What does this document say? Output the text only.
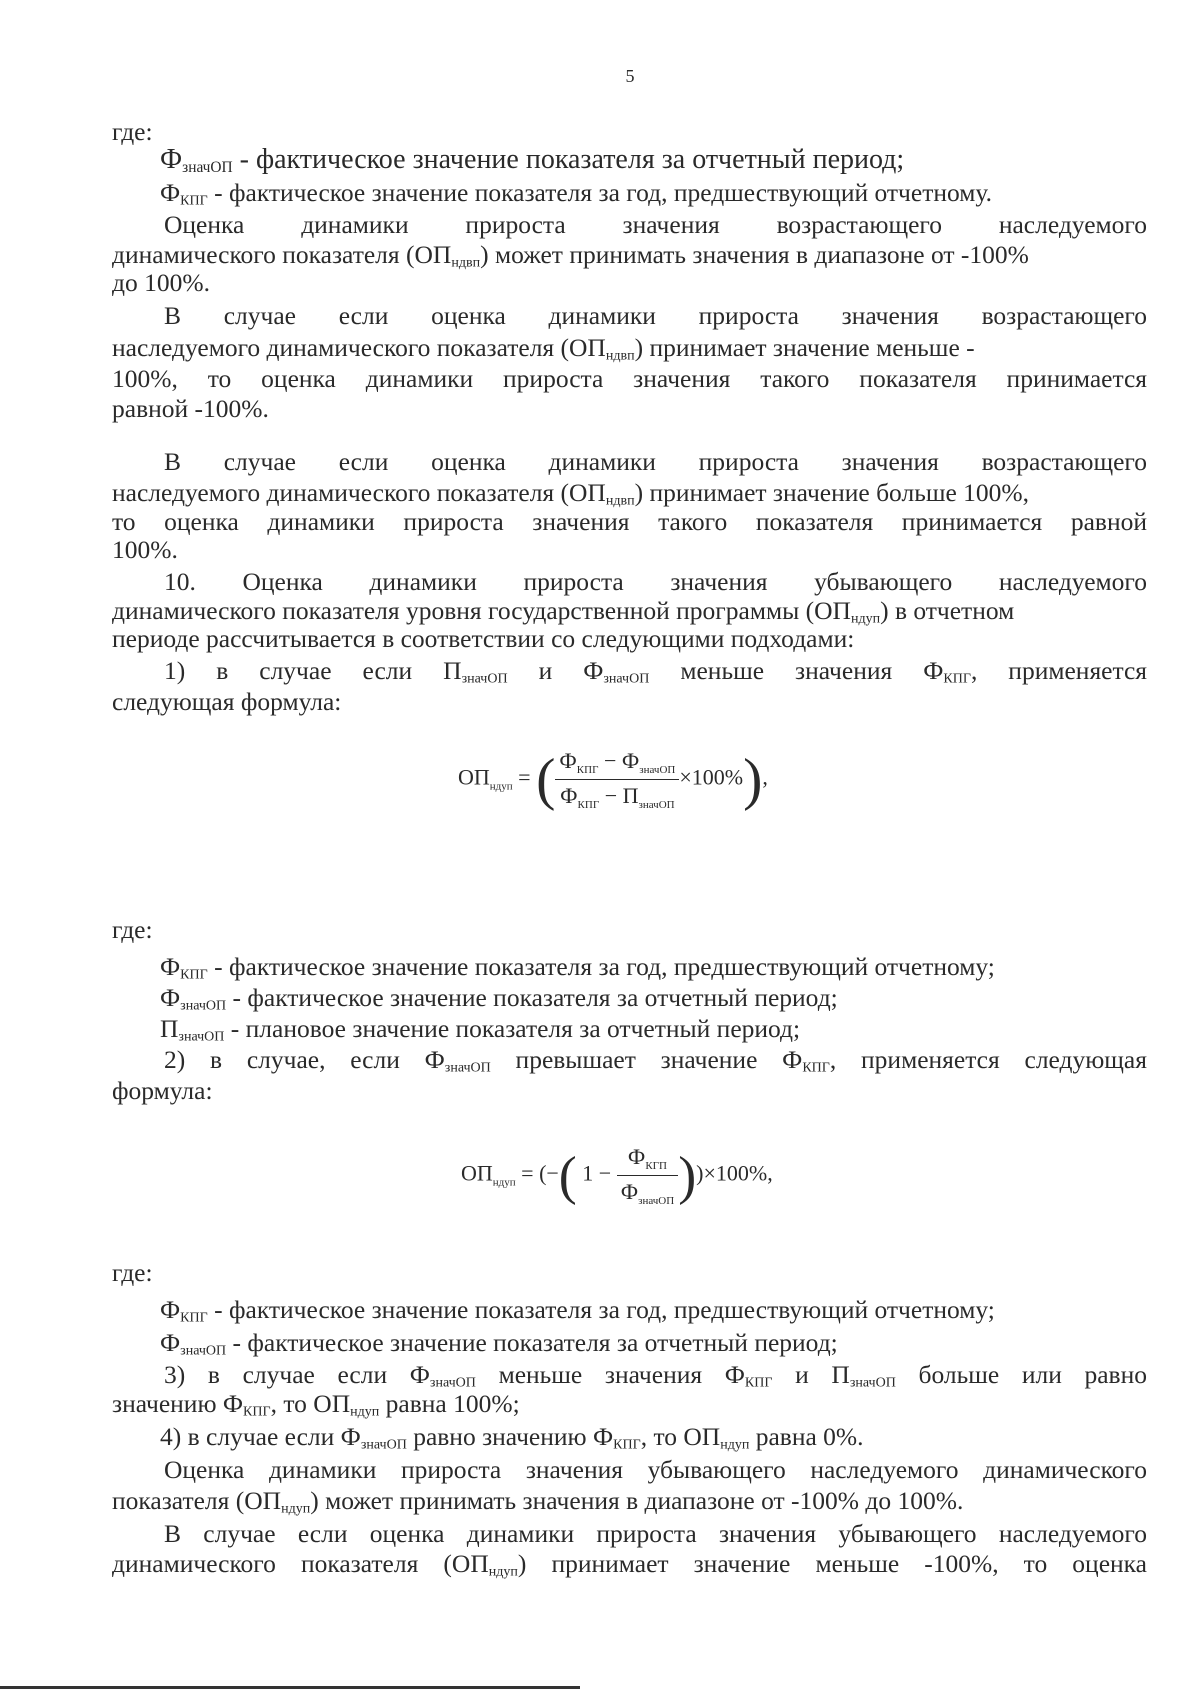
5
где:
$Ф_{значОП}$ - фактическое значение показателя за отчетный период;
$Ф_{КПГ}$ - фактическое значение показателя за год, предшествующий отчетному.
Оценка динамики прироста значения возрастающего наследуемого
динамического показателя $(ОП_{ндвп})$ может принимать значения в диапазоне от -100%
до 100%.
В случае если оценка динамики прироста значения возрастающего
наследуемого динамического показателя $(ОП_{ндвп})$ принимает значение меньше -
100%, то оценка динамики прироста значения такого показателя принимается
равной -100%.
В случае если оценка динамики прироста значения возрастающего
наследуемого динамического показателя $(ОП_{ндвп})$ принимает значение больше 100%,
то оценка динамики прироста значения такого показателя принимается равной
100%.
10. Оценка динамики прироста значения убывающего наследуемого
динамического показателя уровня государственной программы $(ОП_{ндуп})$ в отчетном
периоде рассчитывается в соответствии со следующими подходами:
1) в случае если $П_{значОП}$ и $Ф_{значОП}$ меньше значения $Ф_{КПГ}$, применяется
следующая формула:
$ОП_{ндуп}$ = ( $\frac{Ф_{КПГ} - Ф_{значОП}}{Ф_{КПГ} - П_{значОП}} \times 100\%$),
где:
$Ф_{КПГ}$ - фактическое значение показателя за год, предшествующий отчетному;
$Ф_{значОП}$ - фактическое значение показателя за отчетный период;
$П_{значОП}$ - плановое значение показателя за отчетный период;
2) в случае, если $Ф_{значОП}$ превышает значение $Ф_{КПГ}$, применяется следующая
формула:
$ОП_{ндуп}$ = (−( $1 - \frac{Ф_{КГП}}{Ф_{значОП}} ))\times 100\%$,
где:
$Ф_{КПГ}$ - фактическое значение показателя за год, предшествующий отчетному;
$Ф_{значОП}$ - фактическое значение показателя за отчетный период;
3) в случае если $Ф_{значОП}$ меньше значения $Ф_{КПГ}$ и $П_{значОП}$ больше или равно
значению $Ф_{КПГ}$, то $ОП_{ндуп}$ равна 100%;
4) в случае если $Ф_{значОП}$ равно значению $Ф_{КПГ}$, то $ОП_{ндуп}$ равна 0%.
Оценка динамики прироста значения убывающего наследуемого динамического
показателя $(ОП_{ндуп})$ может принимать значения в диапазоне от -100% до 100%.
В случае если оценка динамики прироста значения убывающего наследуемого
динамического показателя $(ОП_{ндуп})$ принимает значение меньше -100%, то оценка
